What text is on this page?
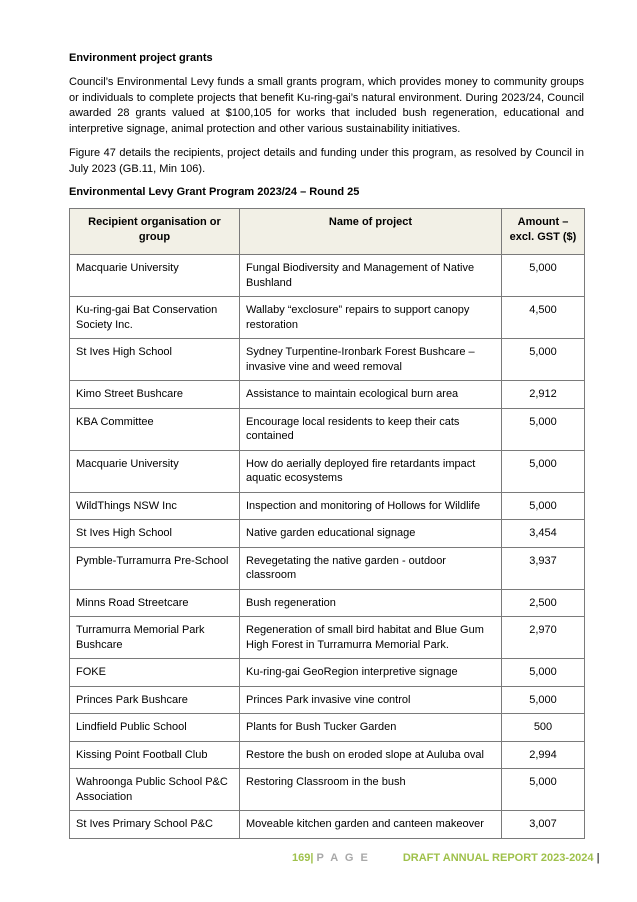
Environment project grants

Council’s Environmental Levy funds a small grants program, which provides money to community groups or individuals to complete projects that benefit Ku-ring-gai’s natural environment. During 2023/24, Council awarded 28 grants valued at $100,105 for works that included bush regeneration, educational and interpretive signage, animal protection and other various sustainability initiatives.

Figure 47 details the recipients, project details and funding under this program, as resolved by Council in July 2023 (GB.11, Min 106).

Environmental Levy Grant Program 2023/24 – Round 25
Recipient organisation or group	Name of project	Amount – excl. GST ($)
Macquarie University	Fungal Biodiversity and Management of Native Bushland	5,000
Ku-ring-gai Bat Conservation Society Inc.	Wallaby “exclosure” repairs to support canopy restoration	4,500
St Ives High School	Sydney Turpentine-Ironbark Forest Bushcare – invasive vine and weed removal	5,000
Kimo Street Bushcare	Assistance to maintain ecological burn area	2,912
KBA Committee	Encourage local residents to keep their cats contained	5,000
Macquarie University	How do aerially deployed fire retardants impact aquatic ecosystems	5,000
WildThings NSW Inc	Inspection and monitoring of Hollows for Wildlife	5,000
St Ives High School	Native garden educational signage	3,454
Pymble-Turramurra Pre-School	Revegetating the native garden - outdoor classroom	3,937
Minns Road Streetcare	Bush regeneration	2,500
Turramurra Memorial Park Bushcare	Regeneration of small bird habitat and Blue Gum High Forest in Turramurra Memorial Park.	2,970
FOKE	Ku-ring-gai GeoRegion interpretive signage	5,000
Princes Park Bushcare	Princes Park invasive vine control	5,000
Lindfield Public School	Plants for Bush Tucker Garden	500
Kissing Point Football Club	Restore the bush on eroded slope at Auluba oval	2,994
Wahroonga Public School P&C Association	Restoring Classroom in the bush	5,000
St Ives Primary School P&C	Moveable kitchen garden and canteen makeover	3,007
169| P A G E	DRAFT ANNUAL REPORT 2023-2024 |
